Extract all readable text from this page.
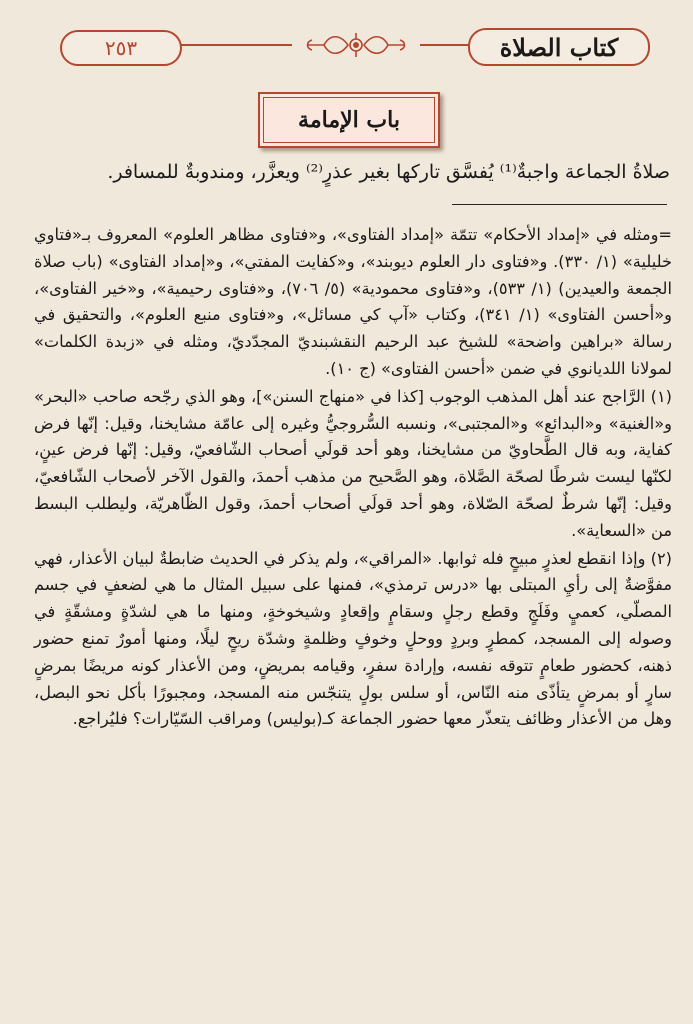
٢٥٣	كتاب الصلاة
باب الإمامة
صلاةُ الجماعة واجبةٌ⁽¹⁾ يُفسَّق تاركها بغير عذرٍ⁽²⁾ ويعزَّر، ومندوبةٌ للمسافر.

=ومثله في «إمداد الأحكام» تتمّة «إمداد الفتاوى»، و«فتاوى مظاهر العلوم» المعروف بـ«فتاوي خليلية» (١/ ٣٣٠). و«فتاوى دار العلوم ديوبند»، و«كفايت المفتي»، و«إمداد الفتاوى» (باب صلاة الجمعة والعيدين) (١/ ٥٣٣)، و«فتاوى محمودية» (٥/ ٧٠٦)، و«فتاوى رحيمية»، و«خير الفتاوى»، و«أحسن الفتاوى» (١/ ٣٤١)، وكتاب «آپ كي مسائل»، و«فتاوى منبع العلوم»، والتحقيق في رسالة «براهين واضحة» للشيخ عبد الرحيم النقشبنديّ المجدّديّ، ومثله في «زبدة الكلمات» لمولانا اللديانوي في ضمن «أحسن الفتاوى» (ج ١٠).

(١) الرَّاجح عند أهل المذهب الوجوب [كذا في «منهاج السنن»]، وهو الذي رجّحه صاحب «البحر» و«الغنية» و«البدائع» و«المجتبى»، ونسبه السُّروجيُّ وغيره إلى عامّة مشايخنا، وقيل: إنّها فرض كفاية، وبه قال الطَّحاويّ من مشايخنا، وهو أحد قولَي أصحاب الشّافعيّ، وقيل: إنّها فرض عينٍ، لكنّها ليست شرطًا لصحّة الصَّلاة، وهو الصَّحيح من مذهب أحمدَ، والقول الآخر لأصحاب الشّافعيّ، وقيل: إنّها شرطٌ لصحّة الصّلاة، وهو أحد قولَي أصحاب أحمدَ، وقول الظّاهريّة، وليطلب البسط من «السعاية».

(٢) وإذا انقطع لعذرٍ مبيحٍ فله ثوابها. «المراقي»، ولم يذكر في الحديث ضابطةٌ لبيان الأعذار، فهي مفوَّضةٌ إلى رأيِ المبتلى بها «درس ترمذي»، فمنها على سبيل المثال ما هي لضعفٍ في جسم المصلّي، كعميٍ وفَلَجٍ وقطع رجلٍ وسقامٍ وإقعادٍ وشيخوخةٍ، ومنها ما هي لشدّةٍ ومشقّةٍ في وصوله إلى المسجد، كمطرٍ وبردٍ ووحلٍ وخوفٍ وظلمةٍ وشدّة ريحٍ ليلًا، ومنها أمورٌ تمنع حضور ذهنه، كحضور طعامٍ تتوقه نفسه، وإرادة سفرٍ، وقيامه بمريضٍ، ومن الأعذار كونه مريضًا بمرضٍ سارٍ أو بمرضٍ يتأذّى منه النّاس، أو سلس بولٍ يتنجّس منه المسجد، ومجبورًا بأكل نحو البصل، وهل من الأعذار وظائف يتعذّر معها حضور الجماعة كـ(بوليس) ومراقب السّيّارات؟ فليُراجع.
